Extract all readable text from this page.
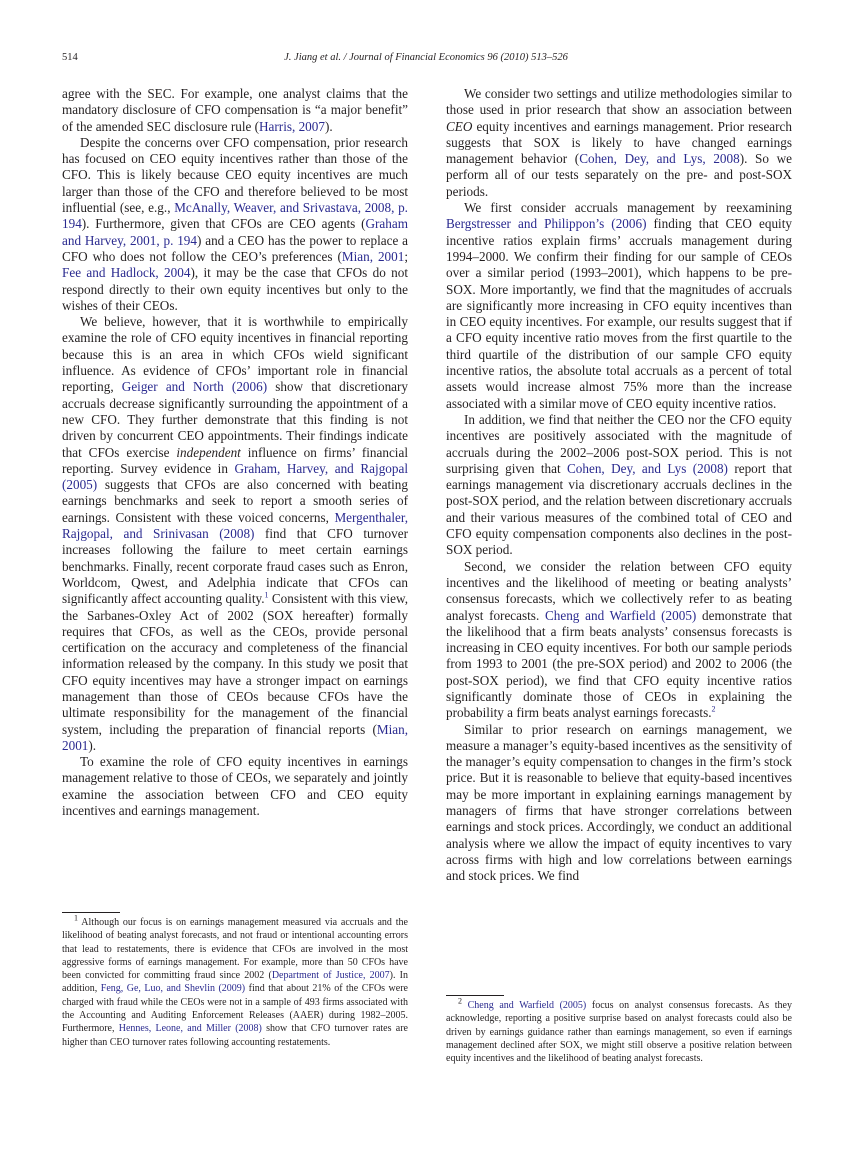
514	J. Jiang et al. / Journal of Financial Economics 96 (2010) 513–526

agree with the SEC. For example, one analyst claims that the mandatory disclosure of CFO compensation is “a major benefit” of the amended SEC disclosure rule (Harris, 2007).

Despite the concerns over CFO compensation, prior research has focused on CEO equity incentives rather than those of the CFO. This is likely because CEO equity incentives are much larger than those of the CFO and therefore believed to be most influential (see, e.g., McAnally, Weaver, and Srivastava, 2008, p. 194). Furthermore, given that CFOs are CEO agents (Graham and Harvey, 2001, p. 194) and a CEO has the power to replace a CFO who does not follow the CEO’s preferences (Mian, 2001; Fee and Hadlock, 2004), it may be the case that CFOs do not respond directly to their own equity incentives but only to the wishes of their CEOs.

We believe, however, that it is worthwhile to empirically examine the role of CFO equity incentives in financial reporting because this is an area in which CFOs wield significant influence. As evidence of CFOs’ important role in financial reporting, Geiger and North (2006) show that discretionary accruals decrease significantly surrounding the appointment of a new CFO. They further demonstrate that this finding is not driven by concurrent CEO appointments. Their findings indicate that CFOs exercise independent influence on firms’ financial reporting. Survey evidence in Graham, Harvey, and Rajgopal (2005) suggests that CFOs are also concerned with beating earnings benchmarks and seek to report a smooth series of earnings. Consistent with these voiced concerns, Mergenthaler, Rajgopal, and Srinivasan (2008) find that CFO turnover increases following the failure to meet certain earnings benchmarks. Finally, recent corporate fraud cases such as Enron, Worldcom, Qwest, and Adelphia indicate that CFOs can significantly affect accounting quality.$^1$ Consistent with this view, the Sarbanes-Oxley Act of 2002 (SOX hereafter) formally requires that CFOs, as well as the CEOs, provide personal certification on the accuracy and completeness of the financial information released by the company. In this study we posit that CFO equity incentives may have a stronger impact on earnings management than those of CEOs because CFOs have the ultimate responsibility for the management of the financial system, including the preparation of financial reports (Mian, 2001).

To examine the role of CFO equity incentives in earnings management relative to those of CEOs, we separately and jointly examine the association between CFO and CEO equity incentives and earnings management.

We consider two settings and utilize methodologies similar to those used in prior research that show an association between CEO equity incentives and earnings management. Prior research suggests that SOX is likely to have changed earnings management behavior (Cohen, Dey, and Lys, 2008). So we perform all of our tests separately on the pre- and post-SOX periods.

We first consider accruals management by reexamining Bergstresser and Philippon’s (2006) finding that CEO equity incentive ratios explain firms’ accruals management during 1994–2000. We confirm their finding for our sample of CEOs over a similar period (1993–2001), which happens to be pre-SOX. More importantly, we find that the magnitudes of accruals are significantly more increasing in CFO equity incentives than in CEO equity incentives. For example, our results suggest that if a CFO equity incentive ratio moves from the first quartile to the third quartile of the distribution of our sample CFO equity incentive ratios, the absolute total accruals as a percent of total assets would increase almost 75% more than the increase associated with a similar move of CEO equity incentive ratios.

In addition, we find that neither the CEO nor the CFO equity incentives are positively associated with the magnitude of accruals during the 2002–2006 post-SOX period. This is not surprising given that Cohen, Dey, and Lys (2008) report that earnings management via discretionary accruals declines in the post-SOX period, and the relation between discretionary accruals and their various measures of the combined total of CEO and CFO equity compensation components also declines in the post-SOX period.

Second, we consider the relation between CFO equity incentives and the likelihood of meeting or beating analysts’ consensus forecasts, which we collectively refer to as beating analyst forecasts. Cheng and Warfield (2005) demonstrate that the likelihood that a firm beats analysts’ consensus forecasts is increasing in CEO equity incentives. For both our sample periods from 1993 to 2001 (the pre-SOX period) and 2002 to 2006 (the post-SOX period), we find that CFO equity incentive ratios significantly dominate those of CEOs in explaining the probability a firm beats analyst earnings forecasts.$^2$

Similar to prior research on earnings management, we measure a manager’s equity-based incentives as the sensitivity of the manager’s equity compensation to changes in the firm’s stock price. But it is reasonable to believe that equity-based incentives may be more important in explaining earnings management by managers of firms that have stronger correlations between earnings and stock prices. Accordingly, we conduct an additional analysis where we allow the impact of equity incentives to vary across firms with high and low correlations between earnings and stock prices. We find

$^1$ Although our focus is on earnings management measured via accruals and the likelihood of beating analyst forecasts, and not fraud or intentional accounting errors that lead to restatements, there is evidence that CFOs are involved in the most aggressive forms of earnings management. For example, more than 50 CFOs have been convicted for committing fraud since 2002 (Department of Justice, 2007). In addition, Feng, Ge, Luo, and Shevlin (2009) find that about 21% of the CFOs were charged with fraud while the CEOs were not in a sample of 493 firms associated with the Accounting and Auditing Enforcement Releases (AAER) during 1982–2005. Furthermore, Hennes, Leone, and Miller (2008) show that CFO turnover rates are higher than CEO turnover rates following accounting restatements.

$^2$ Cheng and Warfield (2005) focus on analyst consensus forecasts. As they acknowledge, reporting a positive surprise based on analyst forecasts could also be driven by earnings guidance rather than earnings management, so even if earnings management declined after SOX, we might still observe a positive relation between equity incentives and the likelihood of beating analyst forecasts.
